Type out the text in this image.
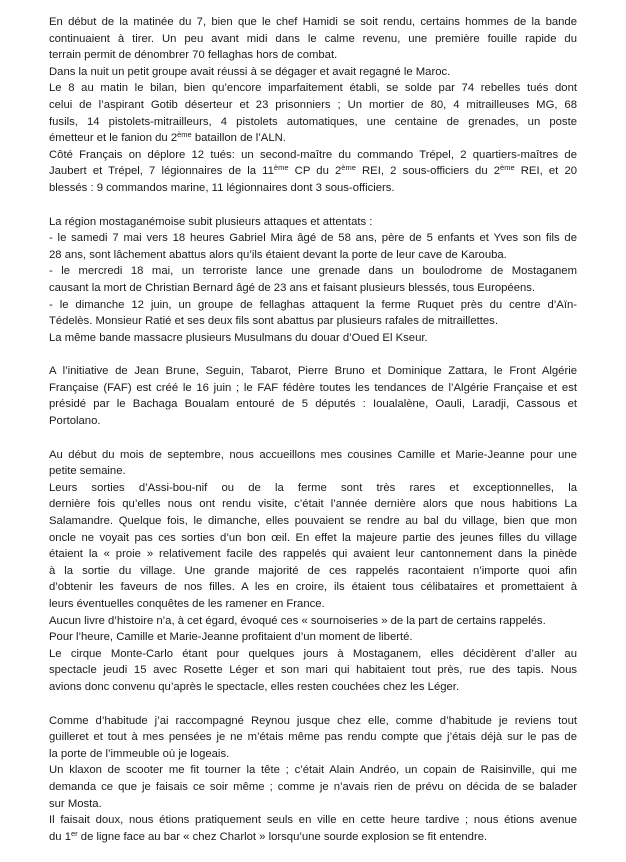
En début de la matinée du 7, bien que le chef Hamidi se soit rendu, certains hommes de la bande
continuaient à tirer. Un peu avant midi dans le calme revenu, une première fouille rapide du
terrain permit de dénombrer 70 fellaghas hors de combat.
Dans la nuit un petit groupe avait réussi à se dégager et avait regagné le Maroc.
Le 8 au matin le bilan, bien qu’encore imparfaitement établi, se solde par 74 rebelles tués dont
celui de l’aspirant Gotib déserteur et 23 prisonniers ; Un mortier de 80, 4 mitrailleuses MG, 68
fusils, 14 pistolets-mitrailleurs, 4 pistolets automatiques, une centaine de grenades, un poste
émetteur et le fanion du 2ème bataillon de l’ALN.
Côté Français on déplore 12 tués: un second-maître du commando Trépel, 2 quartiers-maîtres de
Jaubert et Trépel, 7 légionnaires de la 11ème CP du 2ème REI, 2 sous-officiers du 2ème REI, et 20
blessés : 9 commandos marine, 11 légionnaires dont 3 sous-officiers.
La région mostaganémoise subit plusieurs attaques et attentats :
- le samedi 7 mai vers 18 heures Gabriel Mira âgé de 58 ans, père de 5 enfants et Yves son fils de
28 ans, sont lâchement abattus alors qu’ils étaient devant la porte de leur cave de Karouba.
- le mercredi 18 mai, un terroriste lance une grenade dans un boulodrome de Mostaganem
causant la mort de Christian Bernard âgé de 23 ans et faisant plusieurs blessés, tous Européens.
- le dimanche 12 juin, un groupe de fellaghas attaquent la ferme Ruquet près du centre d’Aïn-
Tédelès. Monsieur Ratié et ses deux fils sont abattus par plusieurs rafales de mitraillettes.
La même bande massacre plusieurs Musulmans du douar d’Oued El Kseur.
A l’initiative de Jean Brune, Seguin, Tabarot, Pierre Bruno et Dominique Zattara, le Front Algérie
Française (FAF) est créé le 16 juin ; le FAF fédère toutes les tendances de l’Algérie Française et est
présidé par le Bachaga Boualam entouré de 5 députés : Ioualalène, Oauli, Laradji, Cassous et
Portolano.
Au début du mois de septembre, nous accueillons mes cousines Camille et Marie-Jeanne pour une
petite semaine.
Leurs sorties d’Assi-bou-nif ou de la ferme sont très rares et exceptionnelles, la
dernière fois qu’elles nous ont rendu visite, c’était l’année dernière alors que nous habitions La
Salamandre. Quelque fois, le dimanche, elles pouvaient se rendre au bal du village, bien que mon
oncle ne voyait pas ces sorties d’un bon œil. En effet la majeure partie des jeunes filles du village
étaient la « proie » relativement facile des rappelés qui avaient leur cantonnement dans la pinède
à la sortie du village. Une grande majorité de ces rappelés racontaient n’importe quoi afin
d’obtenir les faveurs de nos filles. A les en croire, ils étaient tous célibataires et promettaient à
leurs éventuelles conquêtes de les ramener en France.
Aucun livre d’histoire n’a, à cet égard, évoqué ces « sournoiseries » de la part de certains rappelés.
Pour l’heure, Camille et Marie-Jeanne profitaient d’un moment de liberté.
Le cirque Monte-Carlo étant pour quelques jours à Mostaganem, elles décidèrent d’aller au
spectacle jeudi 15 avec Rosette Léger et son mari qui habitaient tout près, rue des tapis. Nous
avions donc convenu qu’après le spectacle, elles resten couchées chez les Léger.
Comme d’habitude j’ai raccompagné Reynou jusque chez elle, comme d’habitude je reviens tout
guilleret et tout à mes pensées je ne m’étais même pas rendu compte que j’étais déjà sur le pas de
la porte de l’immeuble où je logeais.
Un klaxon de scooter me fit tourner la tête ; c’était Alain Andréo, un copain de Raisinville, qui me
demanda ce que je faisais ce soir même ; comme je n’avais rien de prévu on décida de se balader
sur Mosta.
Il faisait doux, nous étions pratiquement seuls en ville en cette heure tardive ; nous étions avenue
du 1er de ligne face au bar « chez Charlot » lorsqu’une sourde explosion se fit entendre.
